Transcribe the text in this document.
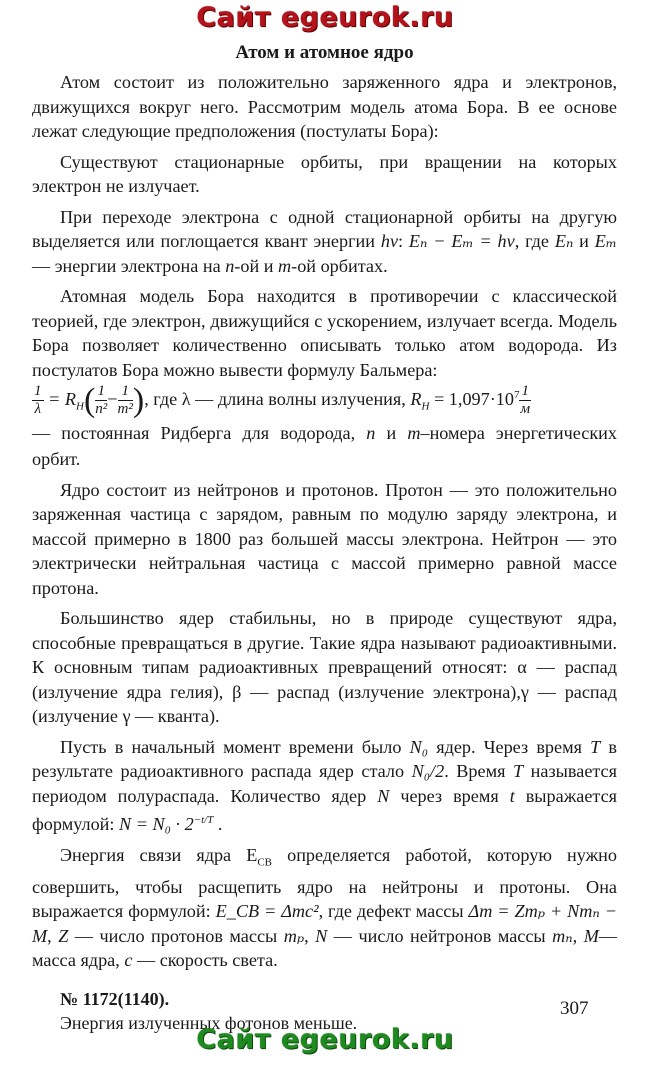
Сайт egeurok.ru
Атом и атомное ядро

Атом состоит из положительно заряженного ядра и электронов, движущихся вокруг него. Рассмотрим модель атома Бора. В ее основе лежат следующие предположения (постулаты Бора):

Существуют стационарные орбиты, при вращении на которых электрон не излучает.

При переходе электрона с одной стационарной орбиты на другую выделяется или поглощается квант энергии hν: Eₙ − Eₘ = hν, где Eₙ и Eₘ — энергии электрона на n-ой и m-ой орбитах.

Атомная модель Бора находится в противоречии с классической теорией, где электрон, движущийся с ускорением, излучает всегда. Модель Бора позволяет количественно описывать только атом водорода. Из постулатов Бора можно вывести формулу Бальмера:

$\frac{1}{\lambda} = R_H( \frac{1}{\text{n²}} - \frac{1}{\text{m²}}$ ), где λ — длина волны излучения, $R_H = 1,097\cdot 10^7 \frac{1}{м}$

— постоянная Ридберга для водорода, n и m–номера энергетических орбит.

Ядро состоит из нейтронов и протонов. Протон — это положительно заряженная частица с зарядом, равным по модулю заряду электрона, и массой примерно в 1800 раз большей массы электрона. Нейтрон — это электрически нейтральная частица с массой примерно равной массе протона.

Большинство ядер стабильны, но в природе существуют ядра, способные превращаться в другие. Такие ядра называют радиоактивными. К основным типам радиоактивных превращений относят: α — распад (излучение ядра гелия), β — распад (излучение электрона),γ — распад (излучение γ — кванта).

Пусть в начальный момент времени было N₀ ядер. Через время T в результате радиоактивного распада ядер стало N₀/2. Время T называется периодом полураспада. Количество ядер N через время t выражается формулой: $N = N_0 \cdot 2^{-t/T}$ .

Энергия связи ядра $E_{CB}$ определяется работой, которую нужно совершить, чтобы расщепить ядро на нейтроны и протоны. Она выражается формулой: E_CB = Δmc², где дефект массы Δm = Zmₚ + Nmₙ − M, Z — число протонов массы mₚ, N — число нейтронов массы mₙ, M— масса ядра, c — скорость света.

№ 1172(1140).
Энергия излученных фотонов меньше.
307
Сайт egeurok.ru
